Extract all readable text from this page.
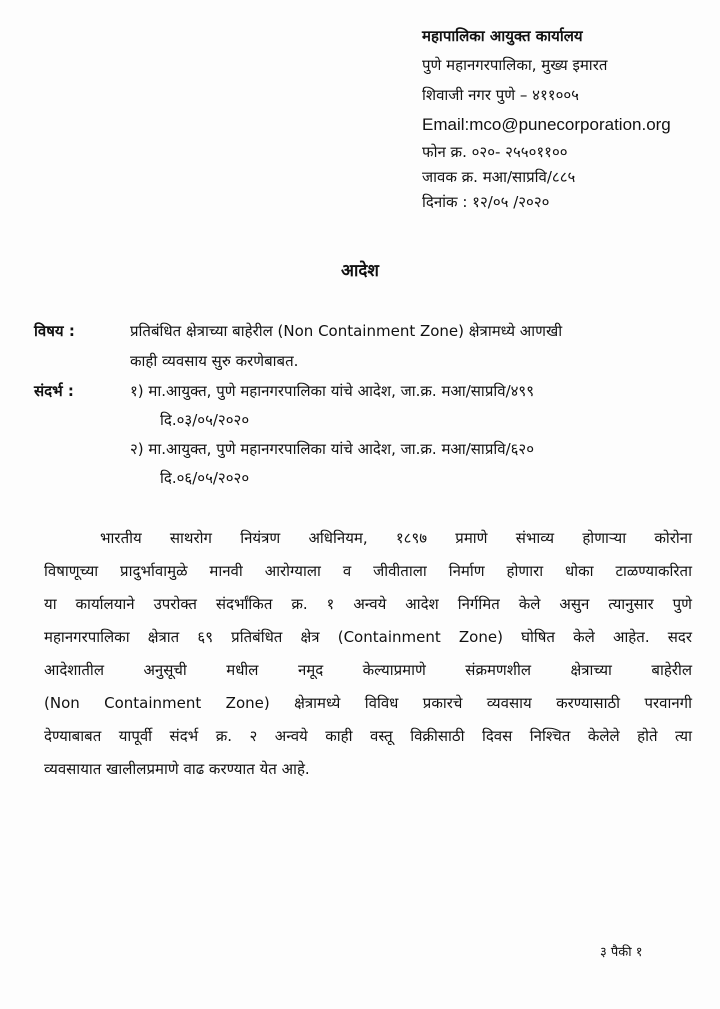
महापालिका आयुक्त कार्यालय
पुणे महानगरपालिका, मुख्य इमारत
शिवाजी नगर पुणे – ४११००५
Email:mco@punecorporation.org
फोन क्र. ०२०- २५५०११००
जावक क्र. मआ/साप्रवि/८८५
दिनांक : १२/०५ /२०२०
आदेश
विषय :	प्रतिबंधित क्षेत्राच्या बाहेरील (Non Containment Zone) क्षेत्रामध्ये आणखी
काही व्यवसाय सुरु करणेबाबत.
संदर्भ :	१) मा.आयुक्त, पुणे महानगरपालिका यांचे आदेश, जा.क्र. मआ/साप्रवि/४९९
दि.०३/०५/२०२०
२) मा.आयुक्त, पुणे महानगरपालिका यांचे आदेश, जा.क्र. मआ/साप्रवि/६२०
दि.०६/०५/२०२०
भारतीय साथरोग नियंत्रण अधिनियम, १८९७ प्रमाणे संभाव्य होणाऱ्या कोरोना
विषाणूच्या प्रादुर्भावामुळे मानवी आरोग्याला व जीवीताला निर्माण होणारा धोका टाळण्याकरिता
या कार्यालयाने उपरोक्त संदर्भांकित क्र. १ अन्वये आदेश निर्गमित केले असुन त्यानुसार पुणे
महानगरपालिका क्षेत्रात ६९ प्रतिबंधित क्षेत्र (Containment Zone) घोषित केले आहेत. सदर
आदेशातील अनुसूची मधील नमूद केल्याप्रमाणे संक्रमणशील क्षेत्राच्या बाहेरील
(Non Containment Zone) क्षेत्रामध्ये विविध प्रकारचे व्यवसाय करण्यासाठी परवानगी
देण्याबाबत यापूर्वी संदर्भ क्र. २ अन्वये काही वस्तू विक्रीसाठी दिवस निश्चित केलेले होते त्या
व्यवसायात खालीलप्रमाणे वाढ करण्यात येत आहे.
३ पैकी १
